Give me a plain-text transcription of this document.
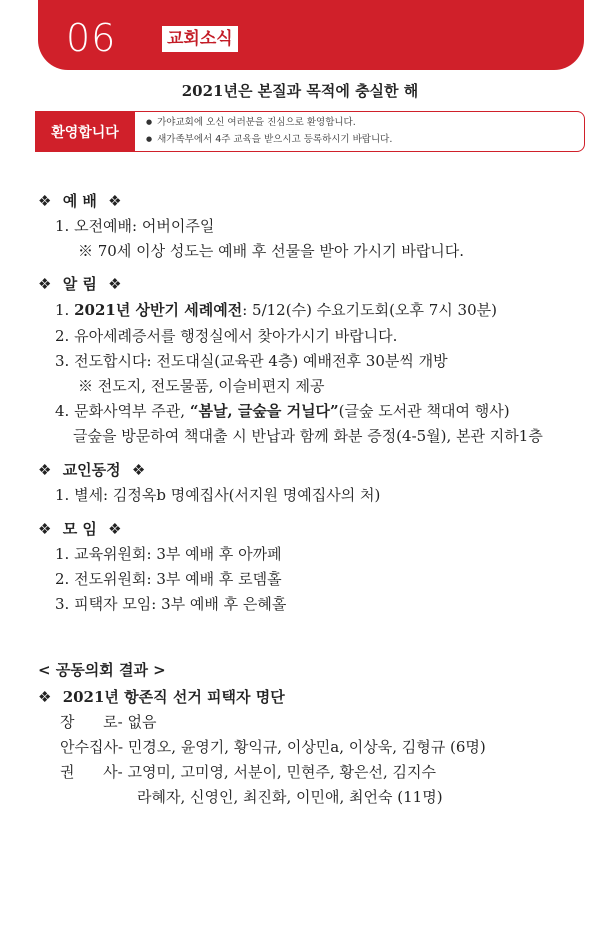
06	교회소식
2021년은 본질과 목적에 충실한 해
환영합니다
● 가야교회에 오신 여러분을 진심으로 환영합니다.
● 새가족부에서 4주 교육을 받으시고 등록하시기 바랍니다.
❖ 예 배 ❖
1. 오전예배: 어버이주일
※ 70세 이상 성도는 예배 후 선물을 받아 가시기 바랍니다.
❖ 알 림 ❖
1. 2021년 상반기 세례예전: 5/12(수) 수요기도회(오후 7시 30분)
2. 유아세례증서를 행정실에서 찾아가시기 바랍니다.
3. 전도합시다: 전도대실(교육관 4층) 예배전후 30분씩 개방
※ 전도지, 전도물품, 이슬비편지 제공
4. 문화사역부 주관, “봄날, 글숲을 거닐다”(글숲 도서관 책대여 행사)
글숲을 방문하여 책대출 시 반납과 함께 화분 증정(4-5월), 본관 지하1층
❖ 교인동정 ❖
1. 별세: 김정옥b 명예집사(서지원 명예집사의 처)
❖ 모 임 ❖
1. 교육위원회: 3부 예배 후 아까페
2. 전도위원회: 3부 예배 후 로뎀홀
3. 피택자 모임: 3부 예배 후 은혜홀
< 공동의회 결과 >
❖ 2021년 항존직 선거 피택자 명단
장      로- 없음
안수집사- 민경오, 윤영기, 황익규, 이상민a, 이상욱, 김형규 (6명)
권      사- 고영미, 고미영, 서분이, 민현주, 황은선, 김지수
라혜자, 신영인, 최진화, 이민애, 최언숙 (11명)
